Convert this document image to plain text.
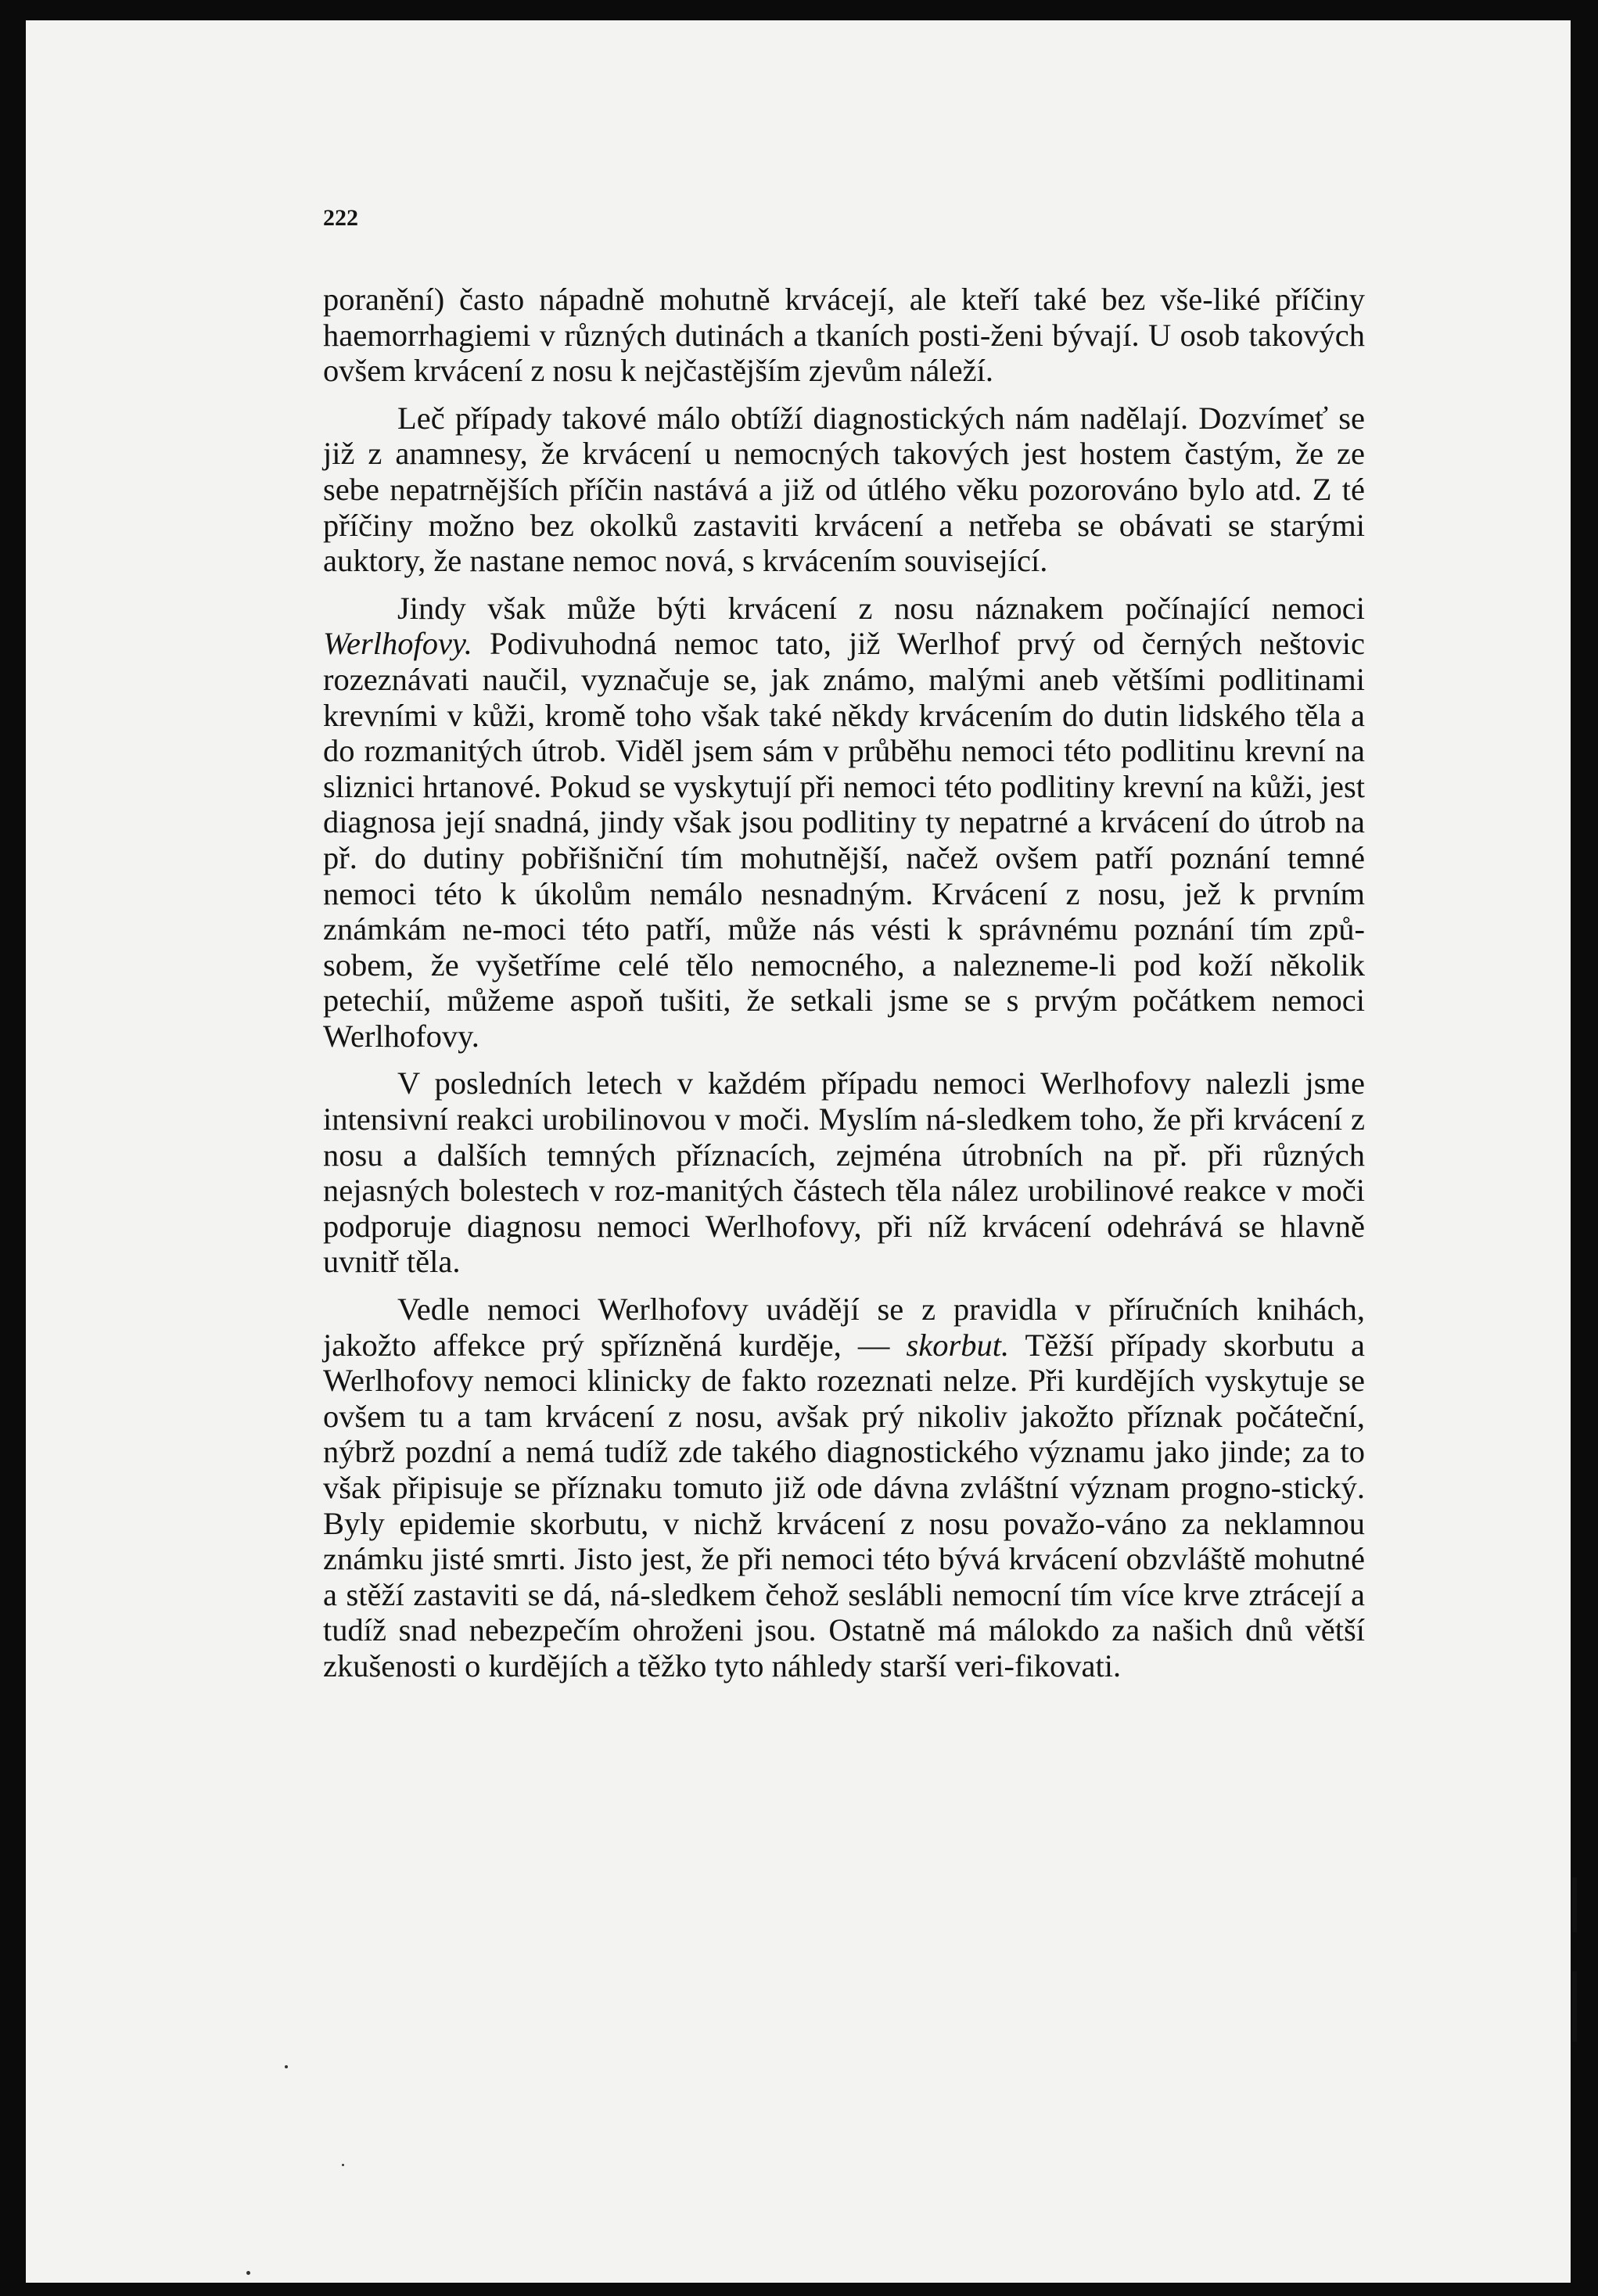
222

poranění) často nápadně mohutně krvácejí, ale kteří také bez vše-liké příčiny haemorrhagiemi v různých dutinách a tkaních posti-ženi bývají. U osob takových ovšem krvácení z nosu k nejčastějším zjevům náleží.

Leč případy takové málo obtíží diagnostických nám nadělají. Dozvímeť se již z anamnesy, že krvácení u nemocných takových jest hostem častým, že ze sebe nepatrnějších příčin nastává a již od útlého věku pozorováno bylo atd. Z té příčiny možno bez okolků zastaviti krvácení a netřeba se obávati se starými auktory, že nastane nemoc nová, s krvácením související.

Jindy však může býti krvácení z nosu náznakem počínající nemoci Werlhofovy. Podivuhodná nemoc tato, již Werlhof prvý od černých neštovic rozeznávati naučil, vyznačuje se, jak známo, malými aneb většími podlitinami krevními v kůži, kromě toho však také někdy krvácením do dutin lidského těla a do rozmanitých útrob. Viděl jsem sám v průběhu nemoci této podlitinu krevní na sliznici hrtanové. Pokud se vyskytují při nemoci této podlitiny krevní na kůži, jest diagnosa její snadná, jindy však jsou podlitiny ty nepatrné a krvácení do útrob na př. do dutiny pobřišniční tím mohutnější, načež ovšem patří poznání temné nemoci této k úkolům nemálo nesnadným. Krvácení z nosu, jež k prvním známkám ne-moci této patří, může nás vésti k správnému poznání tím způ-sobem, že vyšetříme celé tělo nemocného, a nalezneme-li pod koží několik petechií, můžeme aspoň tušiti, že setkali jsme se s prvým počátkem nemoci Werlhofovy.

V posledních letech v každém případu nemoci Werlhofovy nalezli jsme intensivní reakci urobilinovou v moči. Myslím ná-sledkem toho, že při krvácení z nosu a dalších temných příznacích, zejména útrobních na př. při různých nejasných bolestech v roz-manitých částech těla nález urobilinové reakce v moči podporuje diagnosu nemoci Werlhofovy, při níž krvácení odehrává se hlavně uvnitř těla.

Vedle nemoci Werlhofovy uvádějí se z pravidla v příručních knihách, jakožto affekce prý spřízněná kurděje, — skorbut. Těžší případy skorbutu a Werlhofovy nemoci klinicky de fakto rozeznati nelze. Při kurdějích vyskytuje se ovšem tu a tam krvácení z nosu, avšak prý nikoliv jakožto příznak počáteční, nýbrž pozdní a nemá tudíž zde takého diagnostického významu jako jinde; za to však připisuje se příznaku tomuto již ode dávna zvláštní význam progno-stický. Byly epidemie skorbutu, v nichž krvácení z nosu považo-váno za neklamnou známku jisté smrti. Jisto jest, že při nemoci této bývá krvácení obzvláště mohutné a stěží zastaviti se dá, ná-sledkem čehož seslábli nemocní tím více krve ztrácejí a tudíž snad nebezpečím ohroženi jsou. Ostatně má málokdo za našich dnů větší zkušenosti o kurdějích a těžko tyto náhledy starší veri-fikovati.
